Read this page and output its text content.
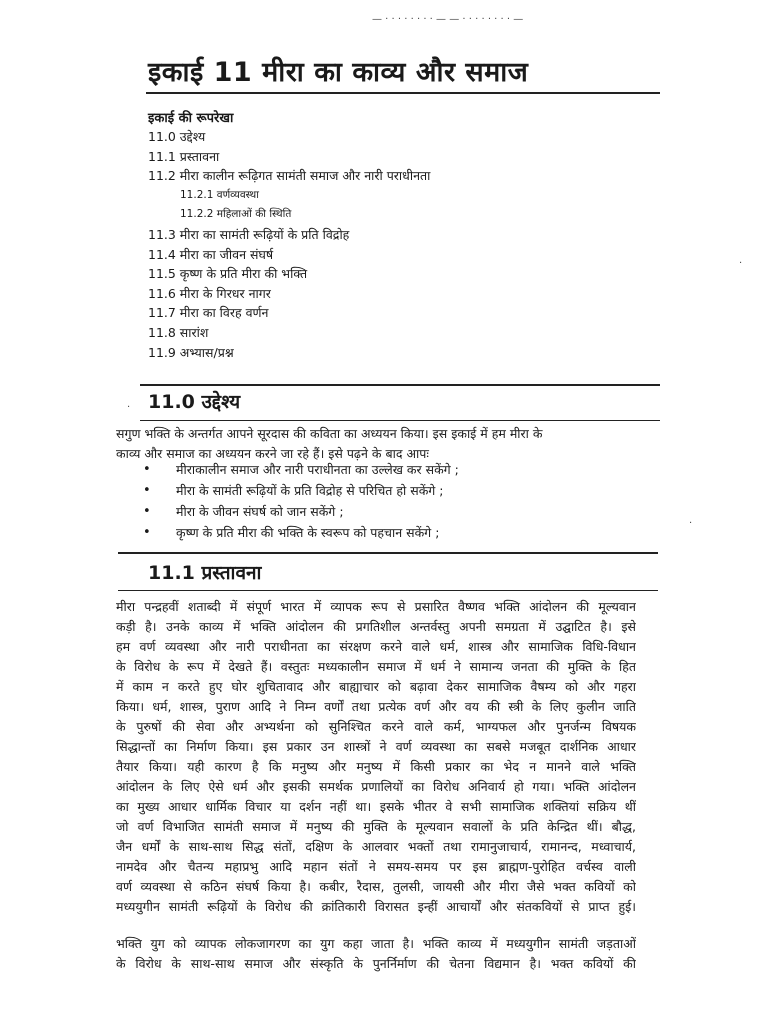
— · · · · · · · · — — · · · · · · · · —
इकाई 11 मीरा का काव्य और समाज
इकाई की रूपरेखा
11.0 उद्देश्य
11.1 प्रस्तावना
11.2 मीरा कालीन रूढ़िगत सामंती समाज और नारी पराधीनता
11.2.1 वर्णव्यवस्था
11.2.2 महिलाओं की स्थिति
11.3 मीरा का सामंती रूढ़ियों के प्रति विद्रोह
11.4 मीरा का जीवन संघर्ष
11.5 कृष्ण के प्रति मीरा की भक्ति
11.6 मीरा के गिरधर नागर
11.7 मीरा का विरह वर्णन
11.8 सारांश
11.9 अभ्यास/प्रश्न
11.0 उद्देश्य
सगुण भक्ति के अन्तर्गत आपने सूरदास की कविता का अध्ययन किया। इस इकाई में हम मीरा के
काव्य और समाज का अध्ययन करने जा रहे हैं। इसे पढ़ने के बाद आपः
• मीराकालीन समाज और नारी पराधीनता का उल्लेख कर सकेंगे ;
• मीरा के सामंती रूढ़ियों के प्रति विद्रोह से परिचित हो सकेंगे ;
• मीरा के जीवन संघर्ष को जान सकेंगे ;
• कृष्ण के प्रति मीरा की भक्ति के स्वरूप को पहचान सकेंगे ;
11.1 प्रस्तावना
मीरा पन्द्रहवीं शताब्दी में संपूर्ण भारत में व्यापक रूप से प्रसारित वैष्णव भक्ति आंदोलन की मूल्यवान
कड़ी है। उनके काव्य में भक्ति आंदोलन की प्रगतिशील अन्तर्वस्तु अपनी समग्रता में उद्घाटित है। इसे
हम वर्ण व्यवस्था और नारी पराधीनता का संरक्षण करने वाले धर्म, शास्त्र और सामाजिक विधि-विधान
के विरोध के रूप में देखते हैं। वस्तुतः मध्यकालीन समाज में धर्म ने सामान्य जनता की मुक्ति के हित
में काम न करते हुए घोर शुचितावाद और बाह्याचार को बढ़ावा देकर सामाजिक वैषम्य को और गहरा
किया। धर्म, शास्त्र, पुराण आदि ने निम्न वर्णों तथा प्रत्येक वर्ण और वय की स्त्री के लिए कुलीन जाति
के पुरुषों की सेवा और अभ्यर्थना को सुनिश्चित करने वाले कर्म, भाग्यफल और पुनर्जन्म विषयक
सिद्धान्तों का निर्माण किया। इस प्रकार उन शास्त्रों ने वर्ण व्यवस्था का सबसे मजबूत दार्शनिक आधार
तैयार किया। यही कारण है कि मनुष्य और मनुष्य में किसी प्रकार का भेद न मानने वाले भक्ति
आंदोलन के लिए ऐसे धर्म और इसकी समर्थक प्रणालियों का विरोध अनिवार्य हो गया। भक्ति आंदोलन
का मुख्य आधार धार्मिक विचार या दर्शन नहीं था। इसके भीतर वे सभी सामाजिक शक्तियां सक्रिय थीं
जो वर्ण विभाजित सामंती समाज में मनुष्य की मुक्ति के मूल्यवान सवालों के प्रति केन्द्रित थीं। बौद्ध,
जैन धर्मों के साथ-साथ सिद्ध संतों, दक्षिण के आलवार भक्तों तथा रामानुजाचार्य, रामानन्द, मध्वाचार्य,
नामदेव और चैतन्य महाप्रभु आदि महान संतों ने समय-समय पर इस ब्राह्मण-पुरोहित वर्चस्व वाली
वर्ण व्यवस्था से कठिन संघर्ष किया है। कबीर, रैदास, तुलसी, जायसी और मीरा जैसे भक्त कवियों को
मध्ययुगीन सामंती रूढ़ियों के विरोध की क्रांतिकारी विरासत इन्हीं आचार्यों और संतकवियों से प्राप्त हुई।
भक्ति युग को व्यापक लोकजागरण का युग कहा जाता है। भक्ति काव्य में मध्ययुगीन सामंती जड़ताओं
के विरोध के साथ-साथ समाज और संस्कृति के पुनर्निर्माण की चेतना विद्यमान है। भक्त कवियों की
·
·
·
